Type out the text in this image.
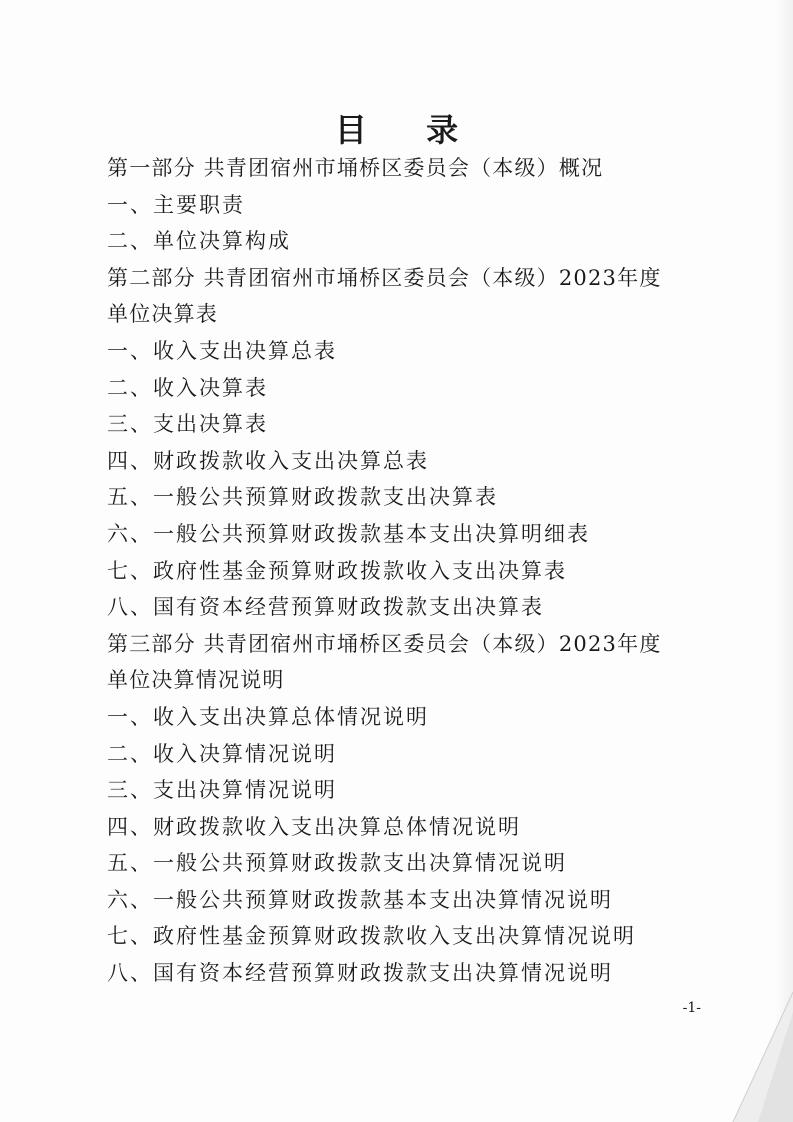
目 录
第一部分 共青团宿州市埇桥区委员会（本级）概况
一、主要职责
二、单位决算构成
第二部分 共青团宿州市埇桥区委员会（本级）2023年度
单位决算表
一、收入支出决算总表
二、收入决算表
三、支出决算表
四、财政拨款收入支出决算总表
五、一般公共预算财政拨款支出决算表
六、一般公共预算财政拨款基本支出决算明细表
七、政府性基金预算财政拨款收入支出决算表
八、国有资本经营预算财政拨款支出决算表
第三部分 共青团宿州市埇桥区委员会（本级）2023年度
单位决算情况说明
一、收入支出决算总体情况说明
二、收入决算情况说明
三、支出决算情况说明
四、财政拨款收入支出决算总体情况说明
五、一般公共预算财政拨款支出决算情况说明
六、一般公共预算财政拨款基本支出决算情况说明
七、政府性基金预算财政拨款收入支出决算情况说明
八、国有资本经营预算财政拨款支出决算情况说明
-1-
